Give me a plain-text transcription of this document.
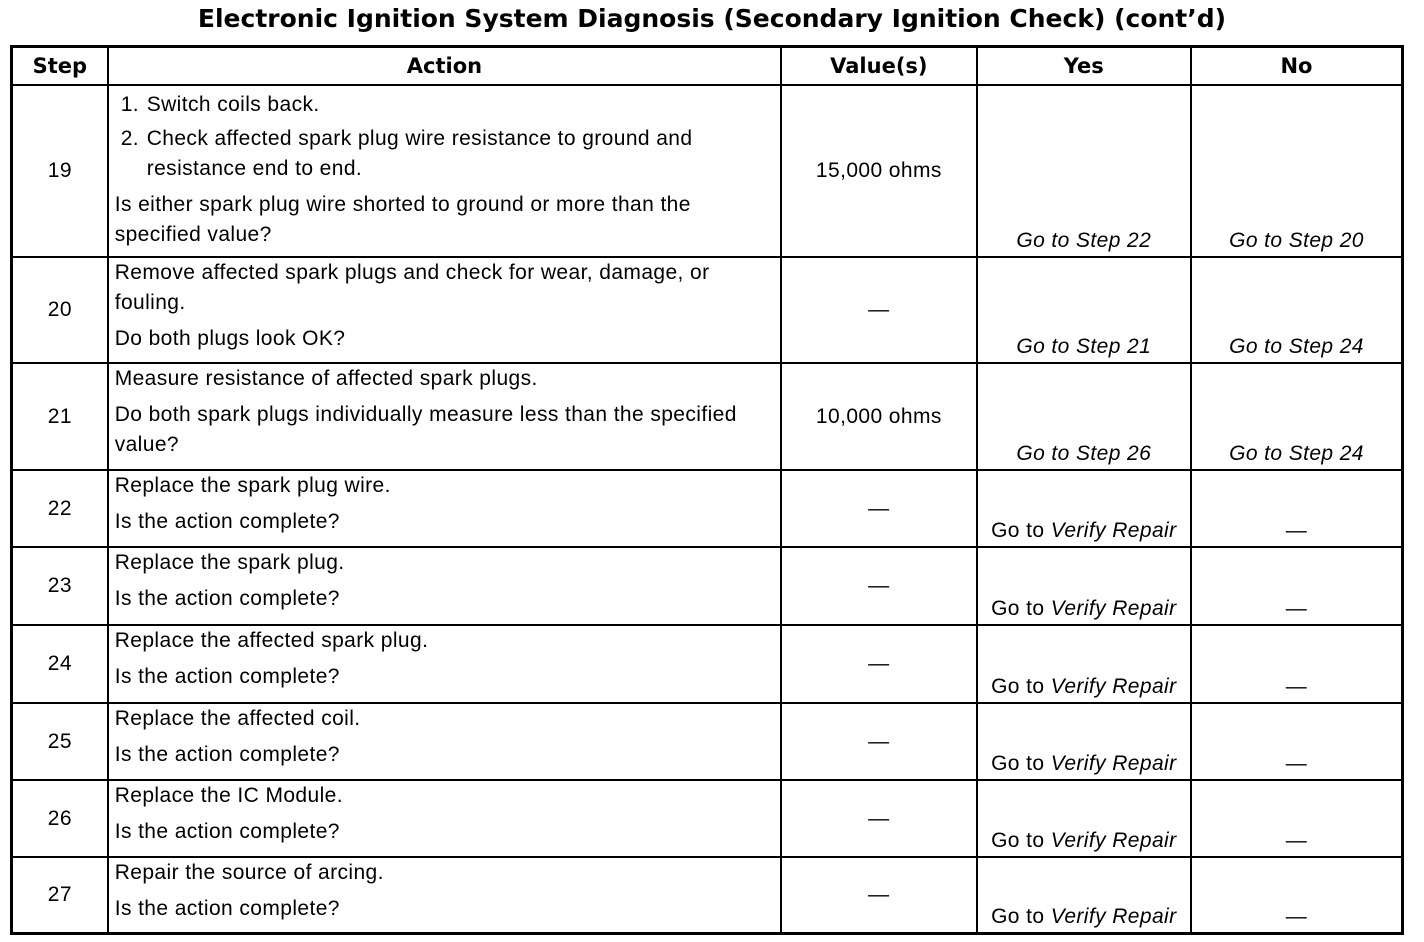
Electronic Ignition System Diagnosis (Secondary Ignition Check) (cont’d)
Step	Action	Value(s)	Yes	No
19	1. Switch coils back.
2. Check affected spark plug wire resistance to ground and resistance end to end.
Is either spark plug wire shorted to ground or more than the specified value?	15,000 ohms	Go to Step 22	Go to Step 20
20	Remove affected spark plugs and check for wear, damage, or fouling.
Do both plugs look OK?	—	Go to Step 21	Go to Step 24
21	Measure resistance of affected spark plugs.
Do both spark plugs individually measure less than the specified value?	10,000 ohms	Go to Step 26	Go to Step 24
22	Replace the spark plug wire.
Is the action complete?	—	Go to Verify Repair	—
23	Replace the spark plug.
Is the action complete?	—	Go to Verify Repair	—
24	Replace the affected spark plug.
Is the action complete?	—	Go to Verify Repair	—
25	Replace the affected coil.
Is the action complete?	—	Go to Verify Repair	—
26	Replace the IC Module.
Is the action complete?	—	Go to Verify Repair	—
27	Repair the source of arcing.
Is the action complete?	—	Go to Verify Repair	—
